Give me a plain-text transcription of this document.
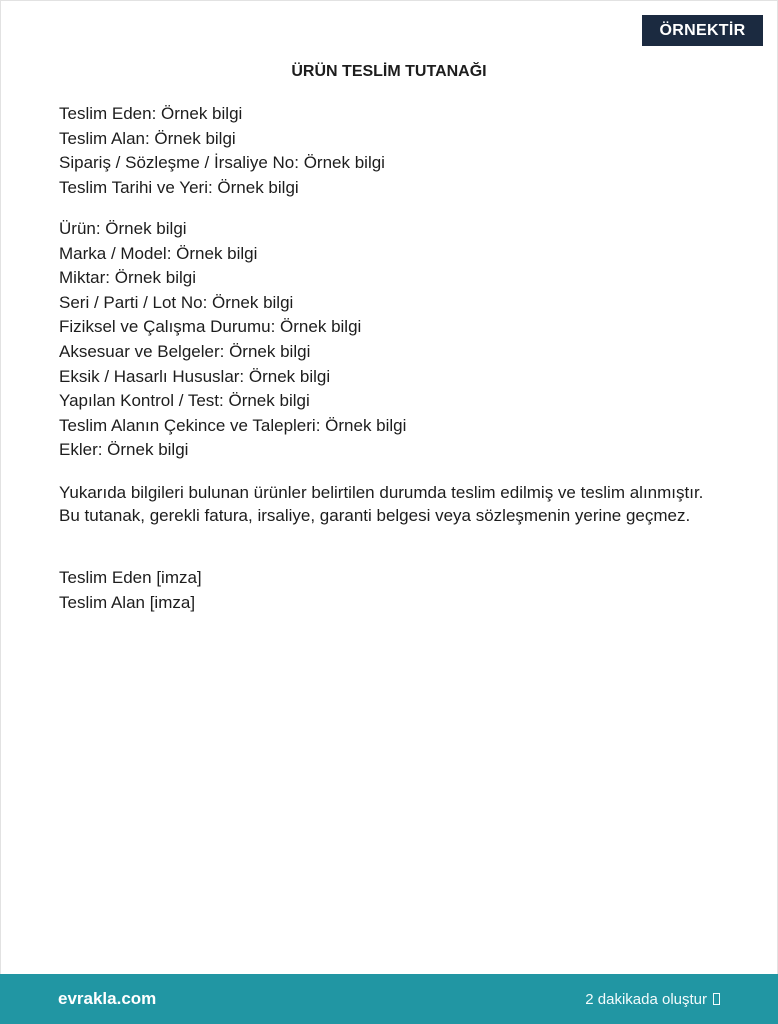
ÖRNEKTİR
ÜRÜN TESLİM TUTANAĞI
Teslim Eden: Örnek bilgi
Teslim Alan: Örnek bilgi
Sipariş / Sözleşme / İrsaliye No: Örnek bilgi
Teslim Tarihi ve Yeri: Örnek bilgi
Ürün: Örnek bilgi
Marka / Model: Örnek bilgi
Miktar: Örnek bilgi
Seri / Parti / Lot No: Örnek bilgi
Fiziksel ve Çalışma Durumu: Örnek bilgi
Aksesuar ve Belgeler: Örnek bilgi
Eksik / Hasarlı Hususlar: Örnek bilgi
Yapılan Kontrol / Test: Örnek bilgi
Teslim Alanın Çekince ve Talepleri: Örnek bilgi
Ekler: Örnek bilgi

Yukarıda bilgileri bulunan ürünler belirtilen durumda teslim edilmiş ve teslim alınmıştır. Bu tutanak, gerekli fatura, irsaliye, garanti belgesi veya sözleşmenin yerine geçmez.

Teslim Eden [imza]
Teslim Alan [imza]
evrakla.com	2 dakikada oluştur
